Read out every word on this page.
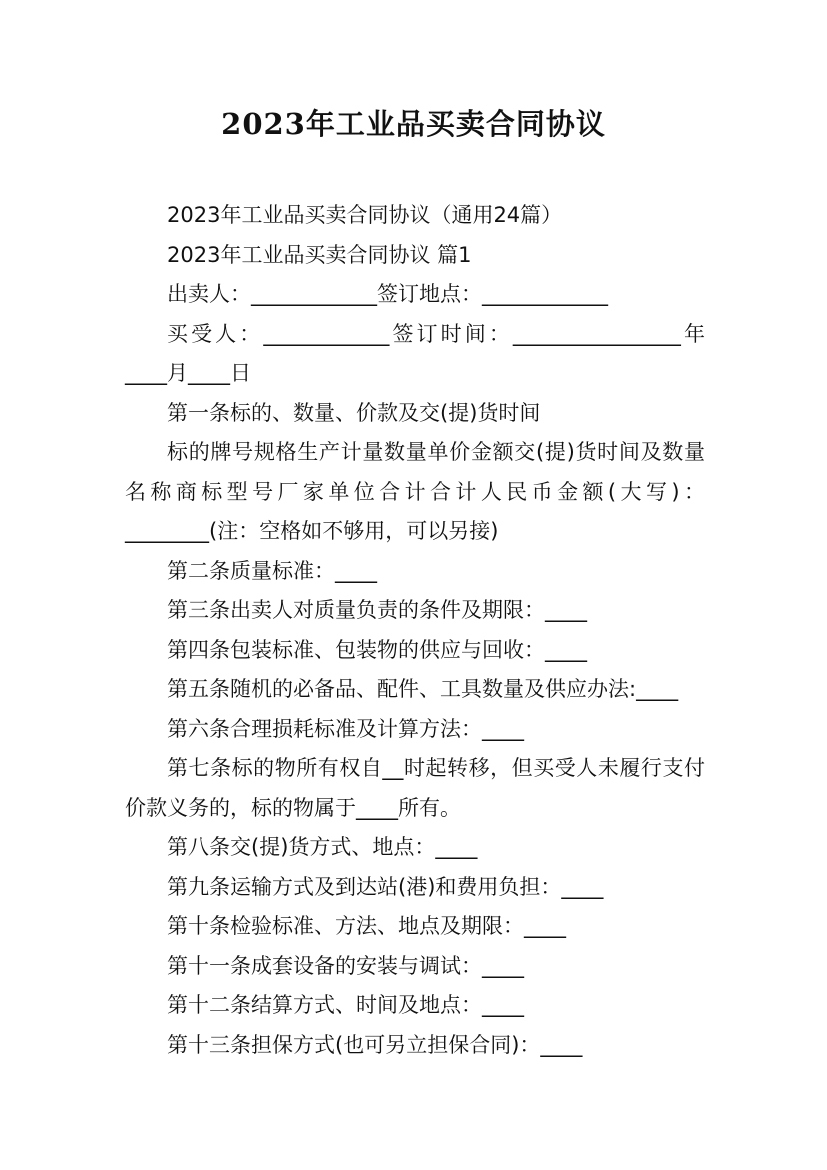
2023年工业品买卖合同协议

2023年工业品买卖合同协议（通用24篇）

2023年工业品买卖合同协议 篇1

出卖人：____________签订地点：____________

买受人：____________签订时间：________________年____月____日

第一条标的、数量、价款及交(提)货时间

标的牌号规格生产计量数量单价金额交(提)货时间及数量名称商标型号厂家单位合计合计人民币金额(大写)：________(注：空格如不够用，可以另接)

第二条质量标准：____

第三条出卖人对质量负责的条件及期限：____

第四条包装标准、包装物的供应与回收：____

第五条随机的必备品、配件、工具数量及供应办法:____

第六条合理损耗标准及计算方法：____

第七条标的物所有权自__时起转移，但买受人未履行支付价款义务的，标的物属于____所有。

第八条交(提)货方式、地点：____

第九条运输方式及到达站(港)和费用负担：____

第十条检验标准、方法、地点及期限：____

第十一条成套设备的安装与调试：____

第十二条结算方式、时间及地点：____

第十三条担保方式(也可另立担保合同)：____
